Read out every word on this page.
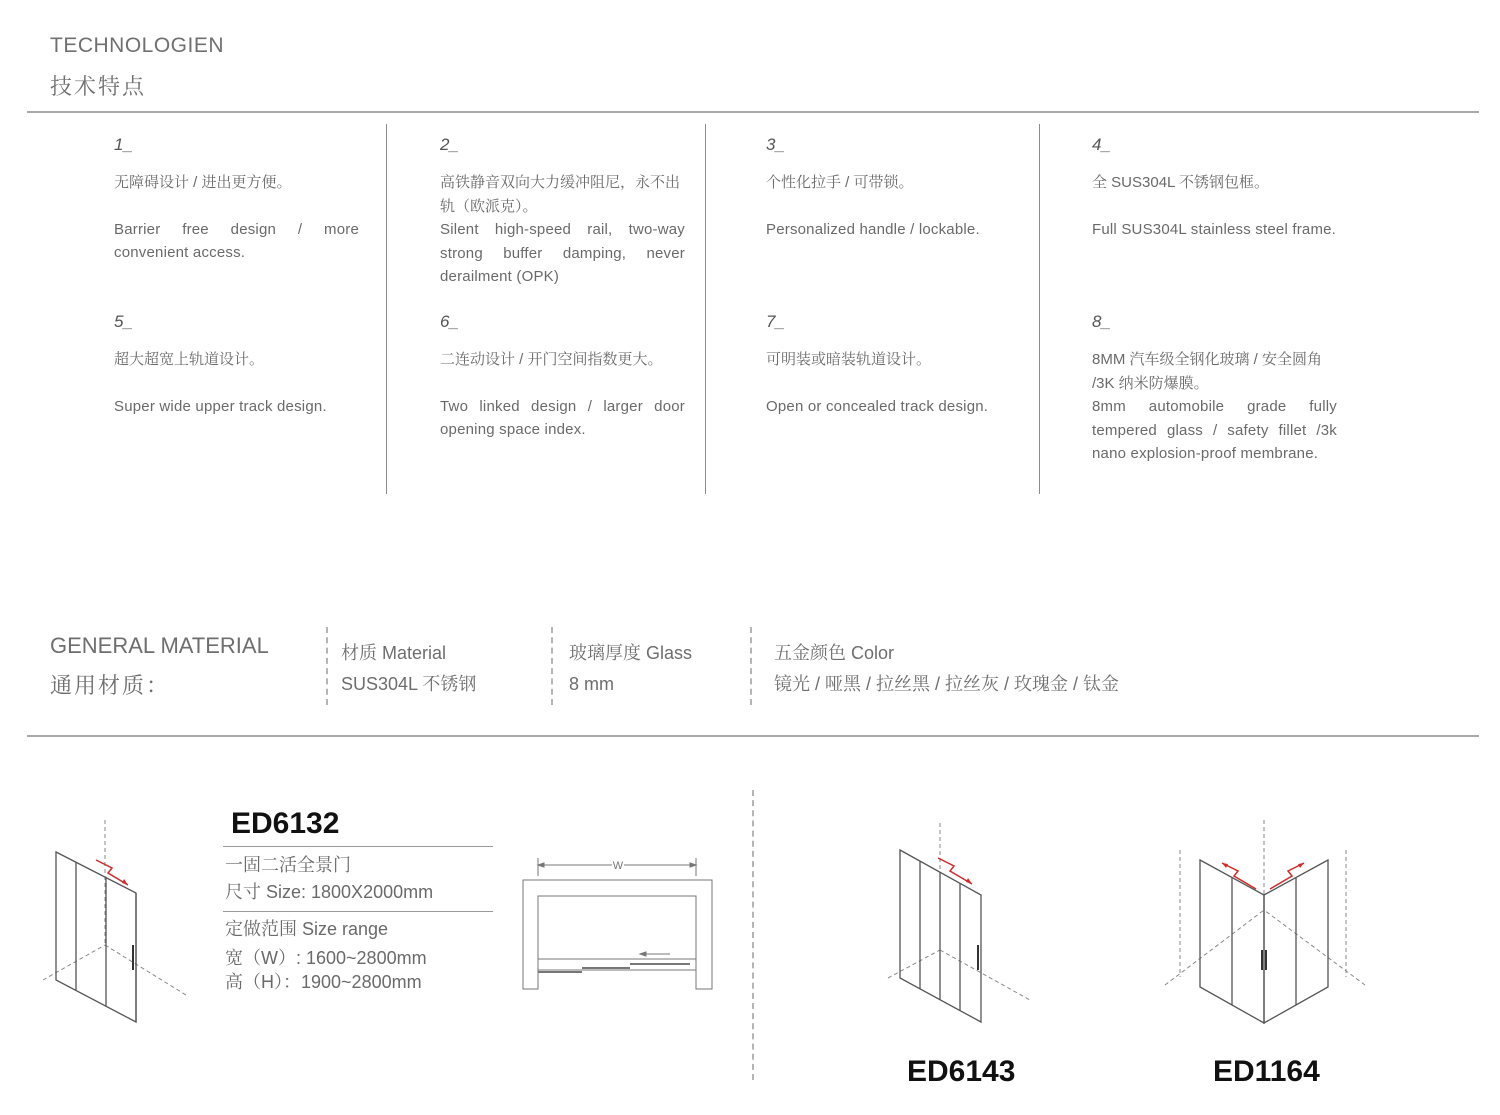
TECHNOLOGIEN
技术特点
1_
无障碍设计 / 进出更方便。
Barrier free design / more convenient access.
2_
高铁静音双向大力缓冲阻尼，永不出轨（欧派克）。
Silent high-speed rail, two-way strong buffer damping, never derailment (OPK)
3_
个性化拉手 / 可带锁。
Personalized handle / lockable.
4_
全 SUS304L 不锈钢包框。
Full SUS304L stainless steel frame.
5_
超大超宽上轨道设计。
Super wide upper track design.
6_
二连动设计 / 开门空间指数更大。
Two linked design / larger door opening space index.
7_
可明装或暗装轨道设计。
Open or concealed track design.
8_
8MM 汽车级全钢化玻璃 / 安全圆角 /3K 纳米防爆膜。
8mm automobile grade fully tempered glass / safety fillet /3k nano explosion-proof membrane.
GENERAL MATERIAL
通用材质：
材质 Material
SUS304L 不锈钢
玻璃厚度 Glass
8 mm
五金颜色 Color
镜光 / 哑黑 / 拉丝黑 / 拉丝灰 / 玫瑰金 / 钛金
ED6132
一固二活全景门
尺寸 Size: 1800X2000mm
定做范围 Size range
宽（W）: 1600~2800mm
高（H）：1900~2800mm
W
ED6143	ED1164
